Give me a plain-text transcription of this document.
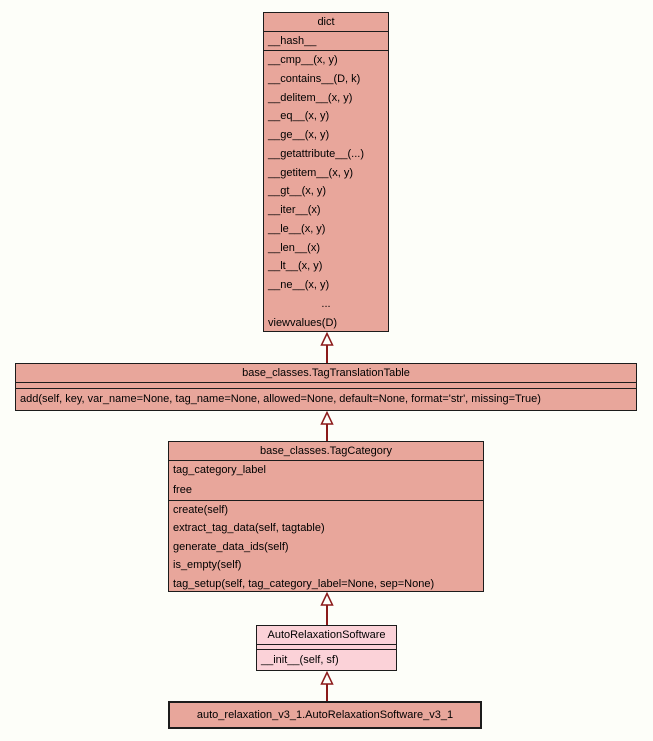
dict
__hash__
__cmp__(x, y)
__contains__(D, k)
__delitem__(x, y)
__eq__(x, y)
__ge__(x, y)
__getattribute__(...)
__getitem__(x, y)
__gt__(x, y)
__iter__(x)
__le__(x, y)
__len__(x)
__lt__(x, y)
__ne__(x, y)
...
viewvalues(D)
base_classes.TagTranslationTable
add(self, key, var_name=None, tag_name=None, allowed=None, default=None, format='str', missing=True)
base_classes.TagCategory
tag_category_label
free
create(self)
extract_tag_data(self, tagtable)
generate_data_ids(self)
is_empty(self)
tag_setup(self, tag_category_label=None, sep=None)
AutoRelaxationSoftware
__init__(self, sf)
auto_relaxation_v3_1.AutoRelaxationSoftware_v3_1
